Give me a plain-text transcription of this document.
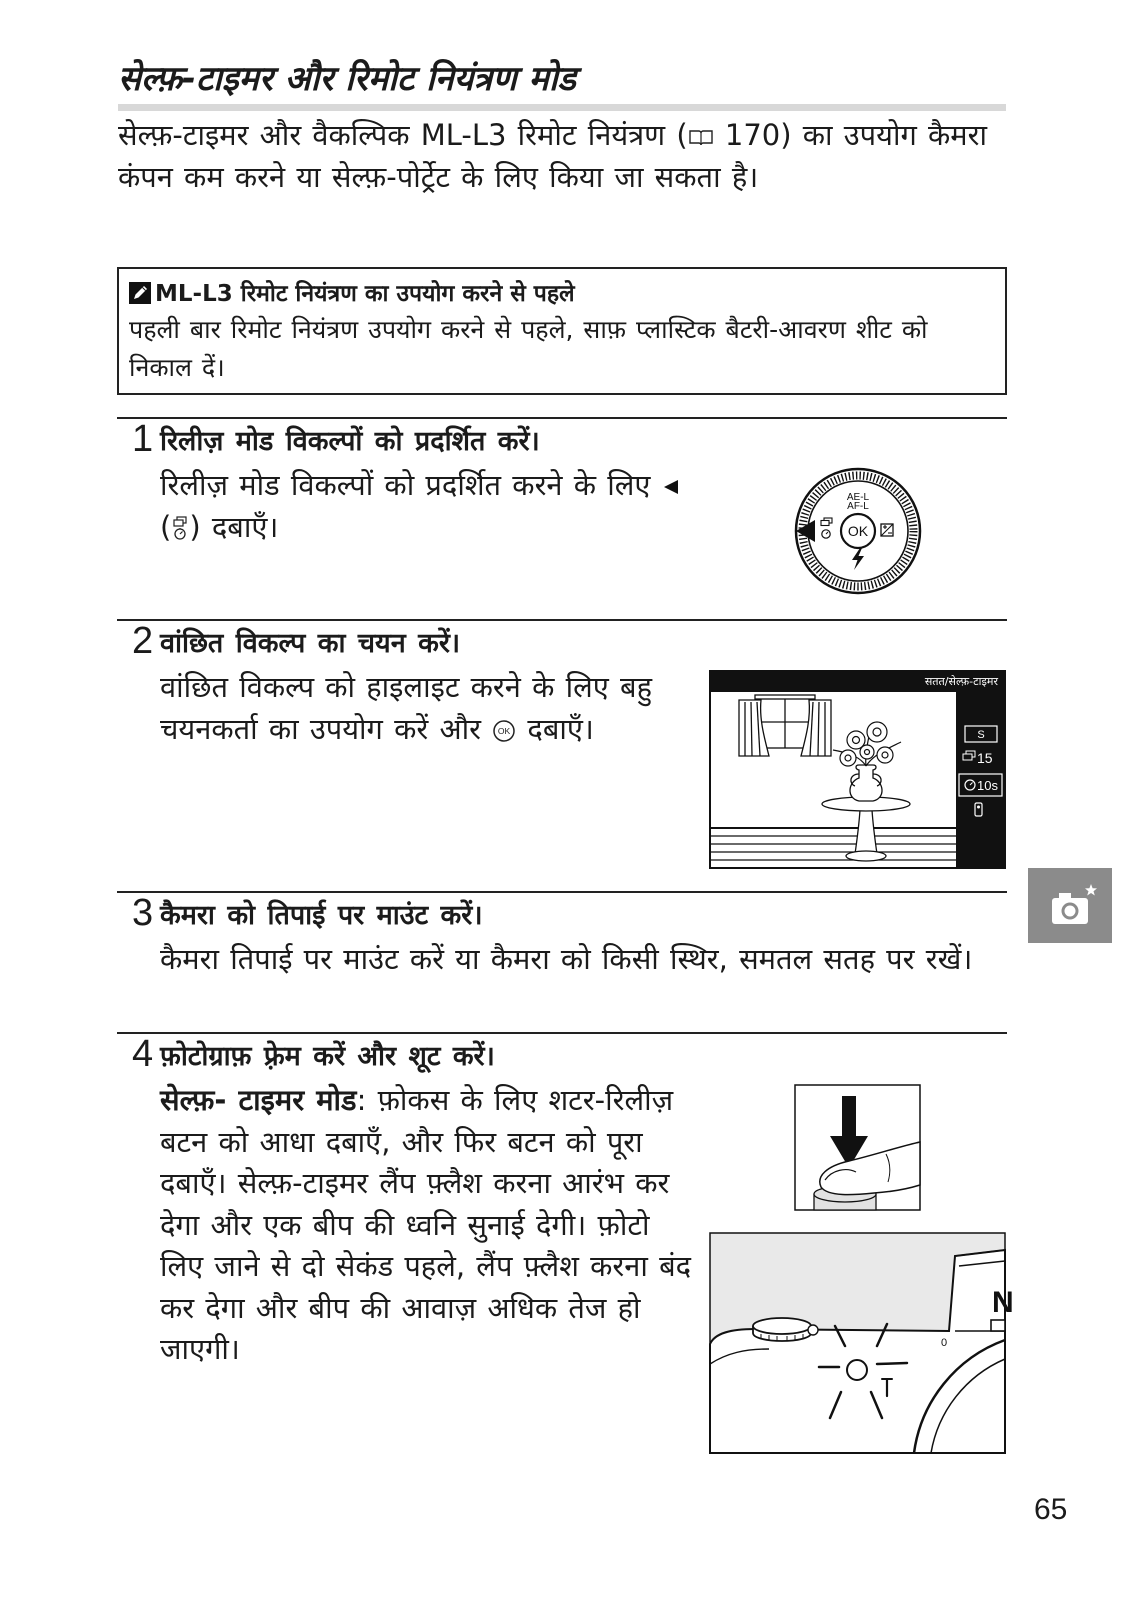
सेल्फ़-टाइमर और रिमोट नियंत्रण मोड
सेल्फ़-टाइमर और वैकल्पिक ML-L3 रिमोट नियंत्रण ( 170) का उपयोग कैमरा कंपन कम करने या सेल्फ़-पोर्ट्रेट के लिए किया जा सकता है।
ML-L3 रिमोट नियंत्रण का उपयोग करने से पहले
पहली बार रिमोट नियंत्रण उपयोग करने से पहले, साफ़ प्लास्टिक बैटरी-आवरण शीट को निकाल दें।
1 रिलीज़ मोड विकल्पों को प्रदर्शित करें।
रिलीज़ मोड विकल्पों को प्रदर्शित करने के लिए  ( ) दबाएँ।	OK
AE-L
AF-L
2 वांछित विकल्प का चयन करें।
वांछित विकल्प को हाइलाइट करने के लिए बहु चयनकर्ता का उपयोग करें और OK दबाएँ।
सतत/सेल्फ़-टाइमर
S
15
10s
3 कैमरा को तिपाई पर माउंट करें।
कैमरा तिपाई पर माउंट करें या कैमरा को किसी स्थिर, समतल सतह पर रखें।
4 फ़ोटोग्राफ़ फ़्रेम करें और शूट करें।
सेल्फ़- टाइमर मोड: फ़ोकस के लिए शटर-रिलीज़ बटन को आधा दबाएँ, और फिर बटन को पूरा दबाएँ। सेल्फ़-टाइमर लैंप फ़्लैश करना आरंभ कर देगा और एक बीप की ध्वनि सुनाई देगी। फ़ोटो लिए जाने से दो सेकंड पहले, लैंप फ़्लैश करना बंद कर देगा और बीप की आवाज़ अधिक तेज हो जाएगी।
N
0
65
